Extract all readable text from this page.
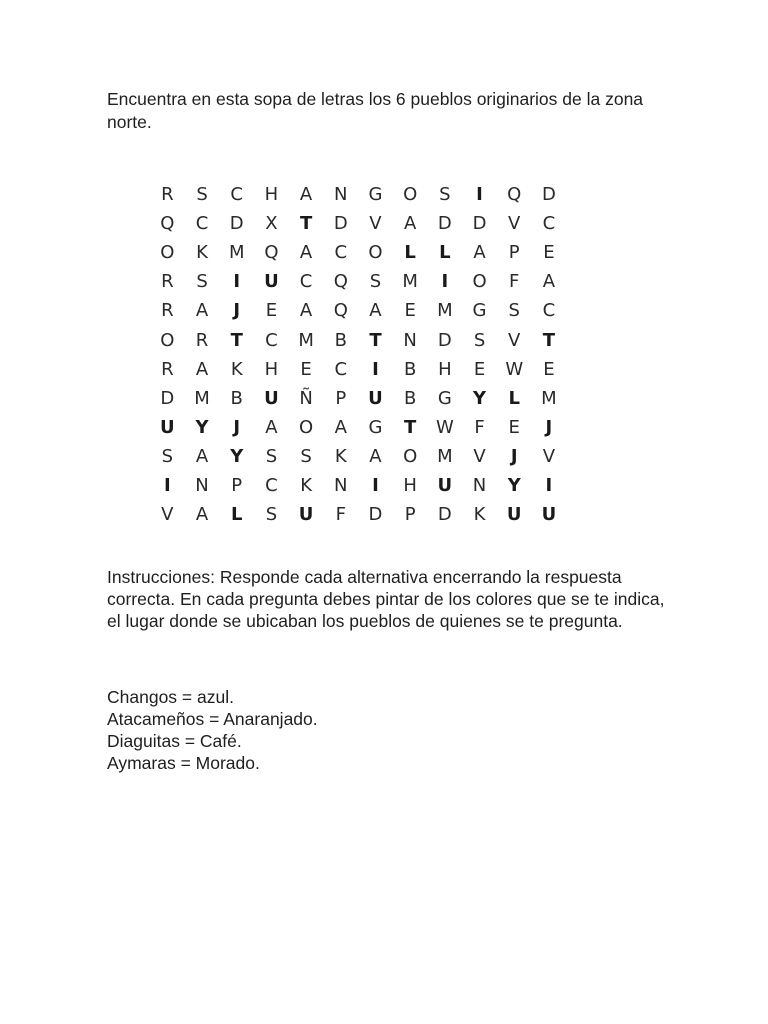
Encuentra en esta sopa de letras los 6 pueblos originarios de la zona norte.
R	S	C	H	A	N	G	O	S	I	Q	D
Q	C	D	X	T	D	V	A	D	D	V	C
O	K	M	Q	A	C	O	L	L	A	P	E
R	S	I	U	C	Q	S	M	I	O	F	A
R	A	J	E	A	Q	A	E	M	G	S	C
O	R	T	C	M	B	T	N	D	S	V	T
R	A	K	H	E	C	I	B	H	E	W	E
D	M	B	U	Ñ	P	U	B	G	Y	L	M
U	Y	J	A	O	A	G	T	W	F	E	J
S	A	Y	S	S	K	A	O	M	V	J	V
I	N	P	C	K	N	I	H	U	N	Y	I
V	A	L	S	U	F	D	P	D	K	U	U
Instrucciones: Responde cada alternativa encerrando la respuesta correcta. En cada pregunta debes pintar de los colores que se te indica, el lugar donde se ubicaban los pueblos de quienes se te pregunta.
Changos = azul.
Atacameños = Anaranjado.
Diaguitas = Café.
Aymaras = Morado.
